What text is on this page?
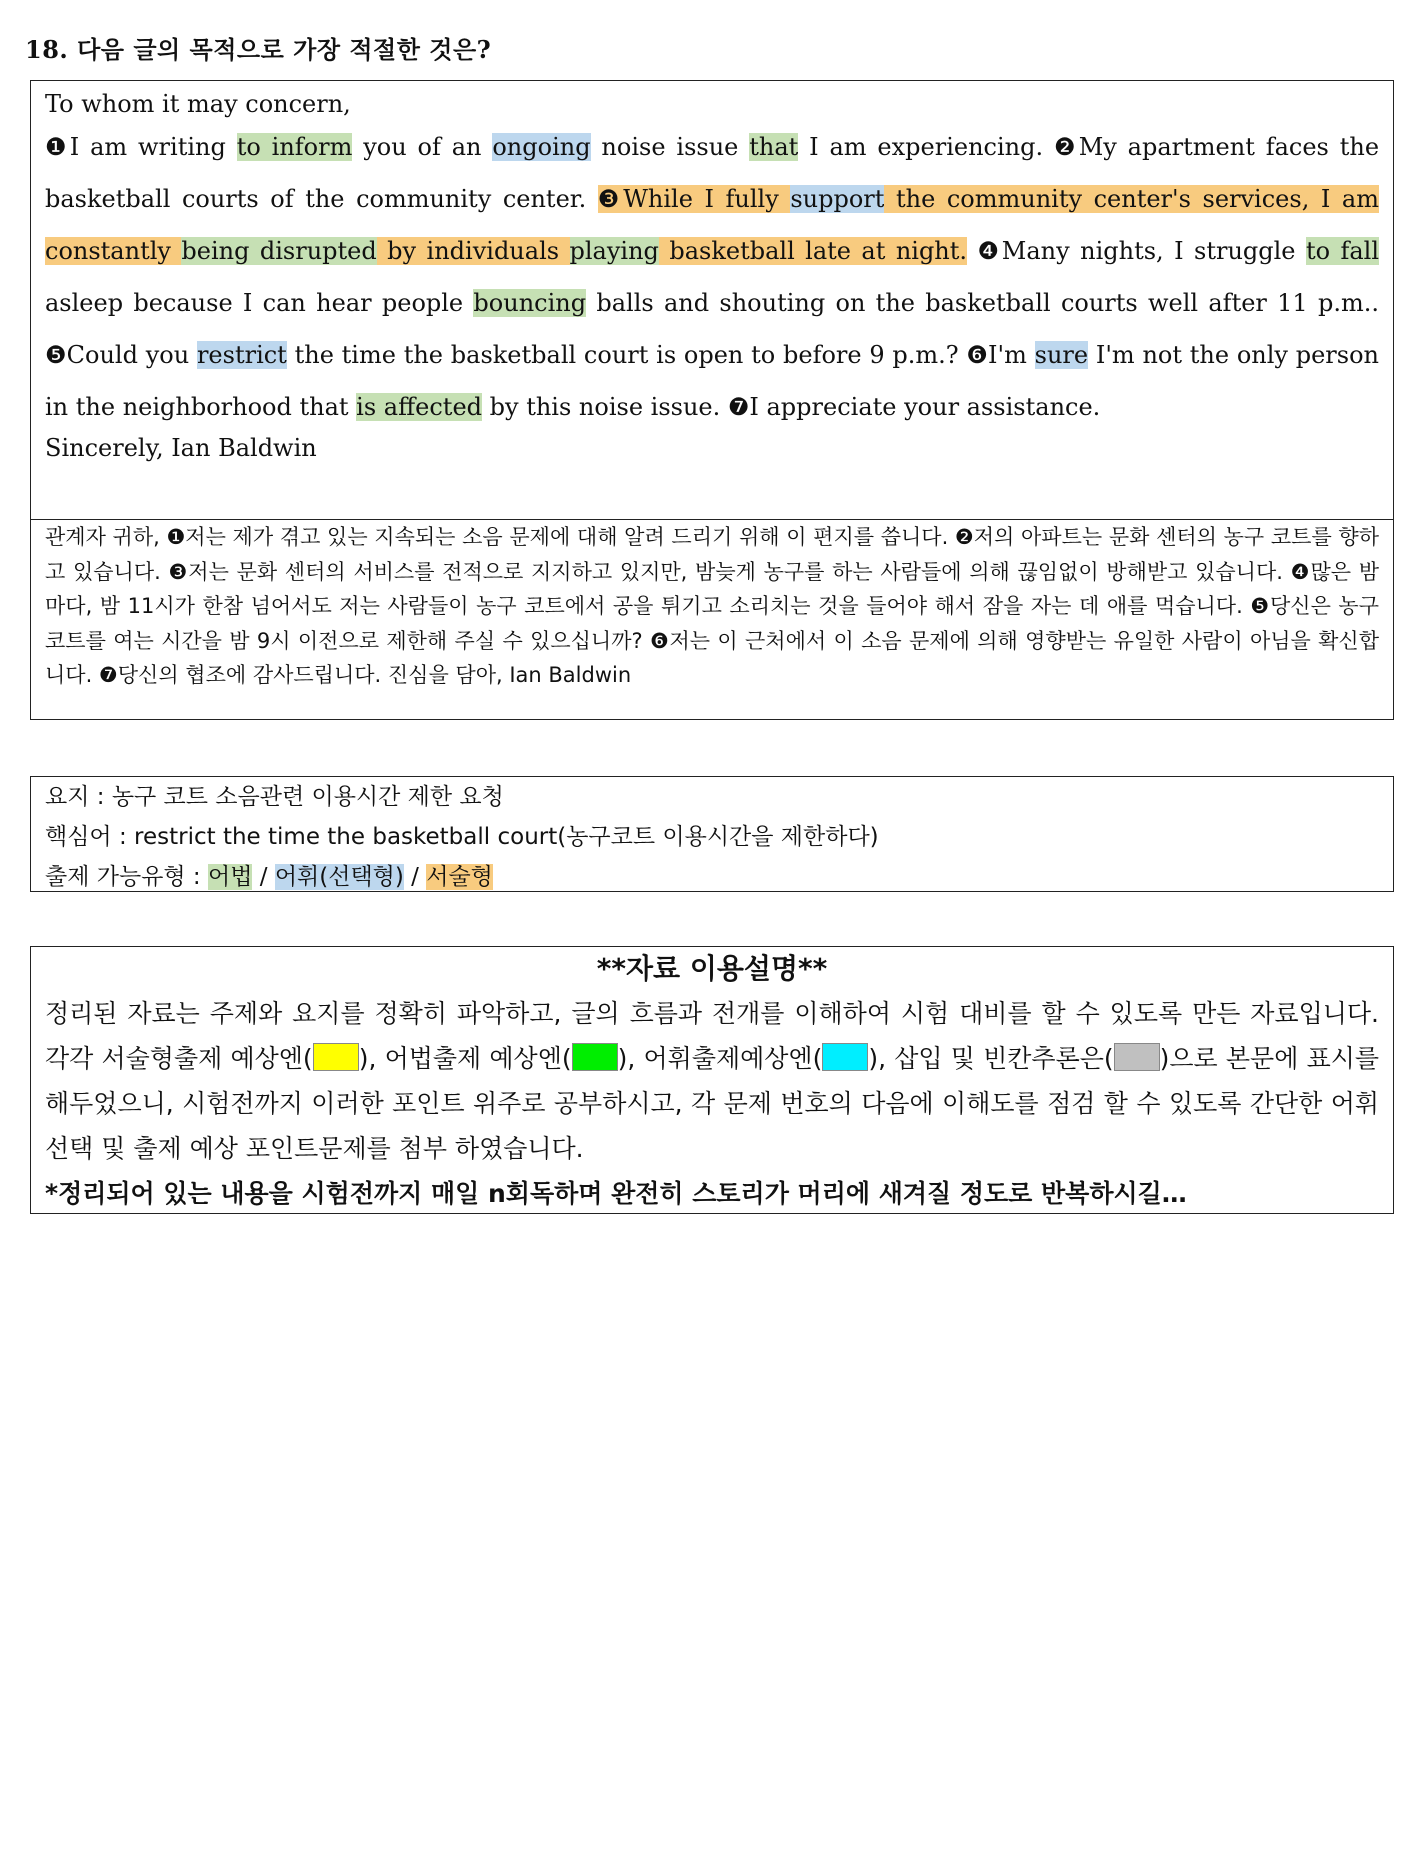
18. 다음 글의 목적으로 가장 적절한 것은?
To whom it may concern,
❶I am writing to inform you of an ongoing noise issue that I am experiencing. ❷My apartment faces the basketball courts of the community center. ❸While I fully support the community center's services, I am constantly being disrupted by individuals playing basketball late at night. ❹Many nights, I struggle to fall asleep because I can hear people bouncing balls and shouting on the basketball courts well after 11 p.m.. ❺Could you restrict the time the basketball court is open to before 9 p.m.? ❻I'm sure I'm not the only person in the neighborhood that is affected by this noise issue. ❼I appreciate your assistance.
Sincerely, Ian Baldwin
관계자 귀하, ❶저는 제가 겪고 있는 지속되는 소음 문제에 대해 알려 드리기 위해 이 편지를 씁니다. ❷저의 아파트는 문화 센터의 농구 코트를 향하고 있습니다. ❸저는 문화 센터의 서비스를 전적으로 지지하고 있지만, 밤늦게 농구를 하는 사람들에 의해 끊임없이 방해받고 있습니다. ❹많은 밤마다, 밤 11시가 한참 넘어서도 저는 사람들이 농구 코트에서 공을 튀기고 소리치는 것을 들어야 해서 잠을 자는 데 애를 먹습니다. ❺당신은 농구 코트를 여는 시간을 밤 9시 이전으로 제한해 주실 수 있으십니까? ❻저는 이 근처에서 이 소음 문제에 의해 영향받는 유일한 사람이 아님을 확신합니다. ❼당신의 협조에 감사드립니다. 진심을 담아, Ian Baldwin
요지 : 농구 코트 소음관련 이용시간 제한 요청
핵심어 : restrict the time the basketball court(농구코트 이용시간을 제한하다)
출제 가능유형 : 어법 / 어휘(선택형) / 서술형
**자료 이용설명**
정리된 자료는 주제와 요지를 정확히 파악하고, 글의 흐름과 전개를 이해하여 시험 대비를 할 수 있도록 만든 자료입니다. 각각 서술형출제 예상엔( ), 어법출제 예상엔( ), 어휘출제예상엔( ), 삽입 및 빈칸추론은( )으로 본문에 표시를 해두었으니, 시험전까지 이러한 포인트 위주로 공부하시고, 각 문제 번호의 다음에 이해도를 점검 할 수 있도록 간단한 어휘선택 및 출제 예상 포인트문제를 첨부 하였습니다.
*정리되어 있는 내용을 시험전까지 매일 n회독하며 완전히 스토리가 머리에 새겨질 정도로 반복하시길…
